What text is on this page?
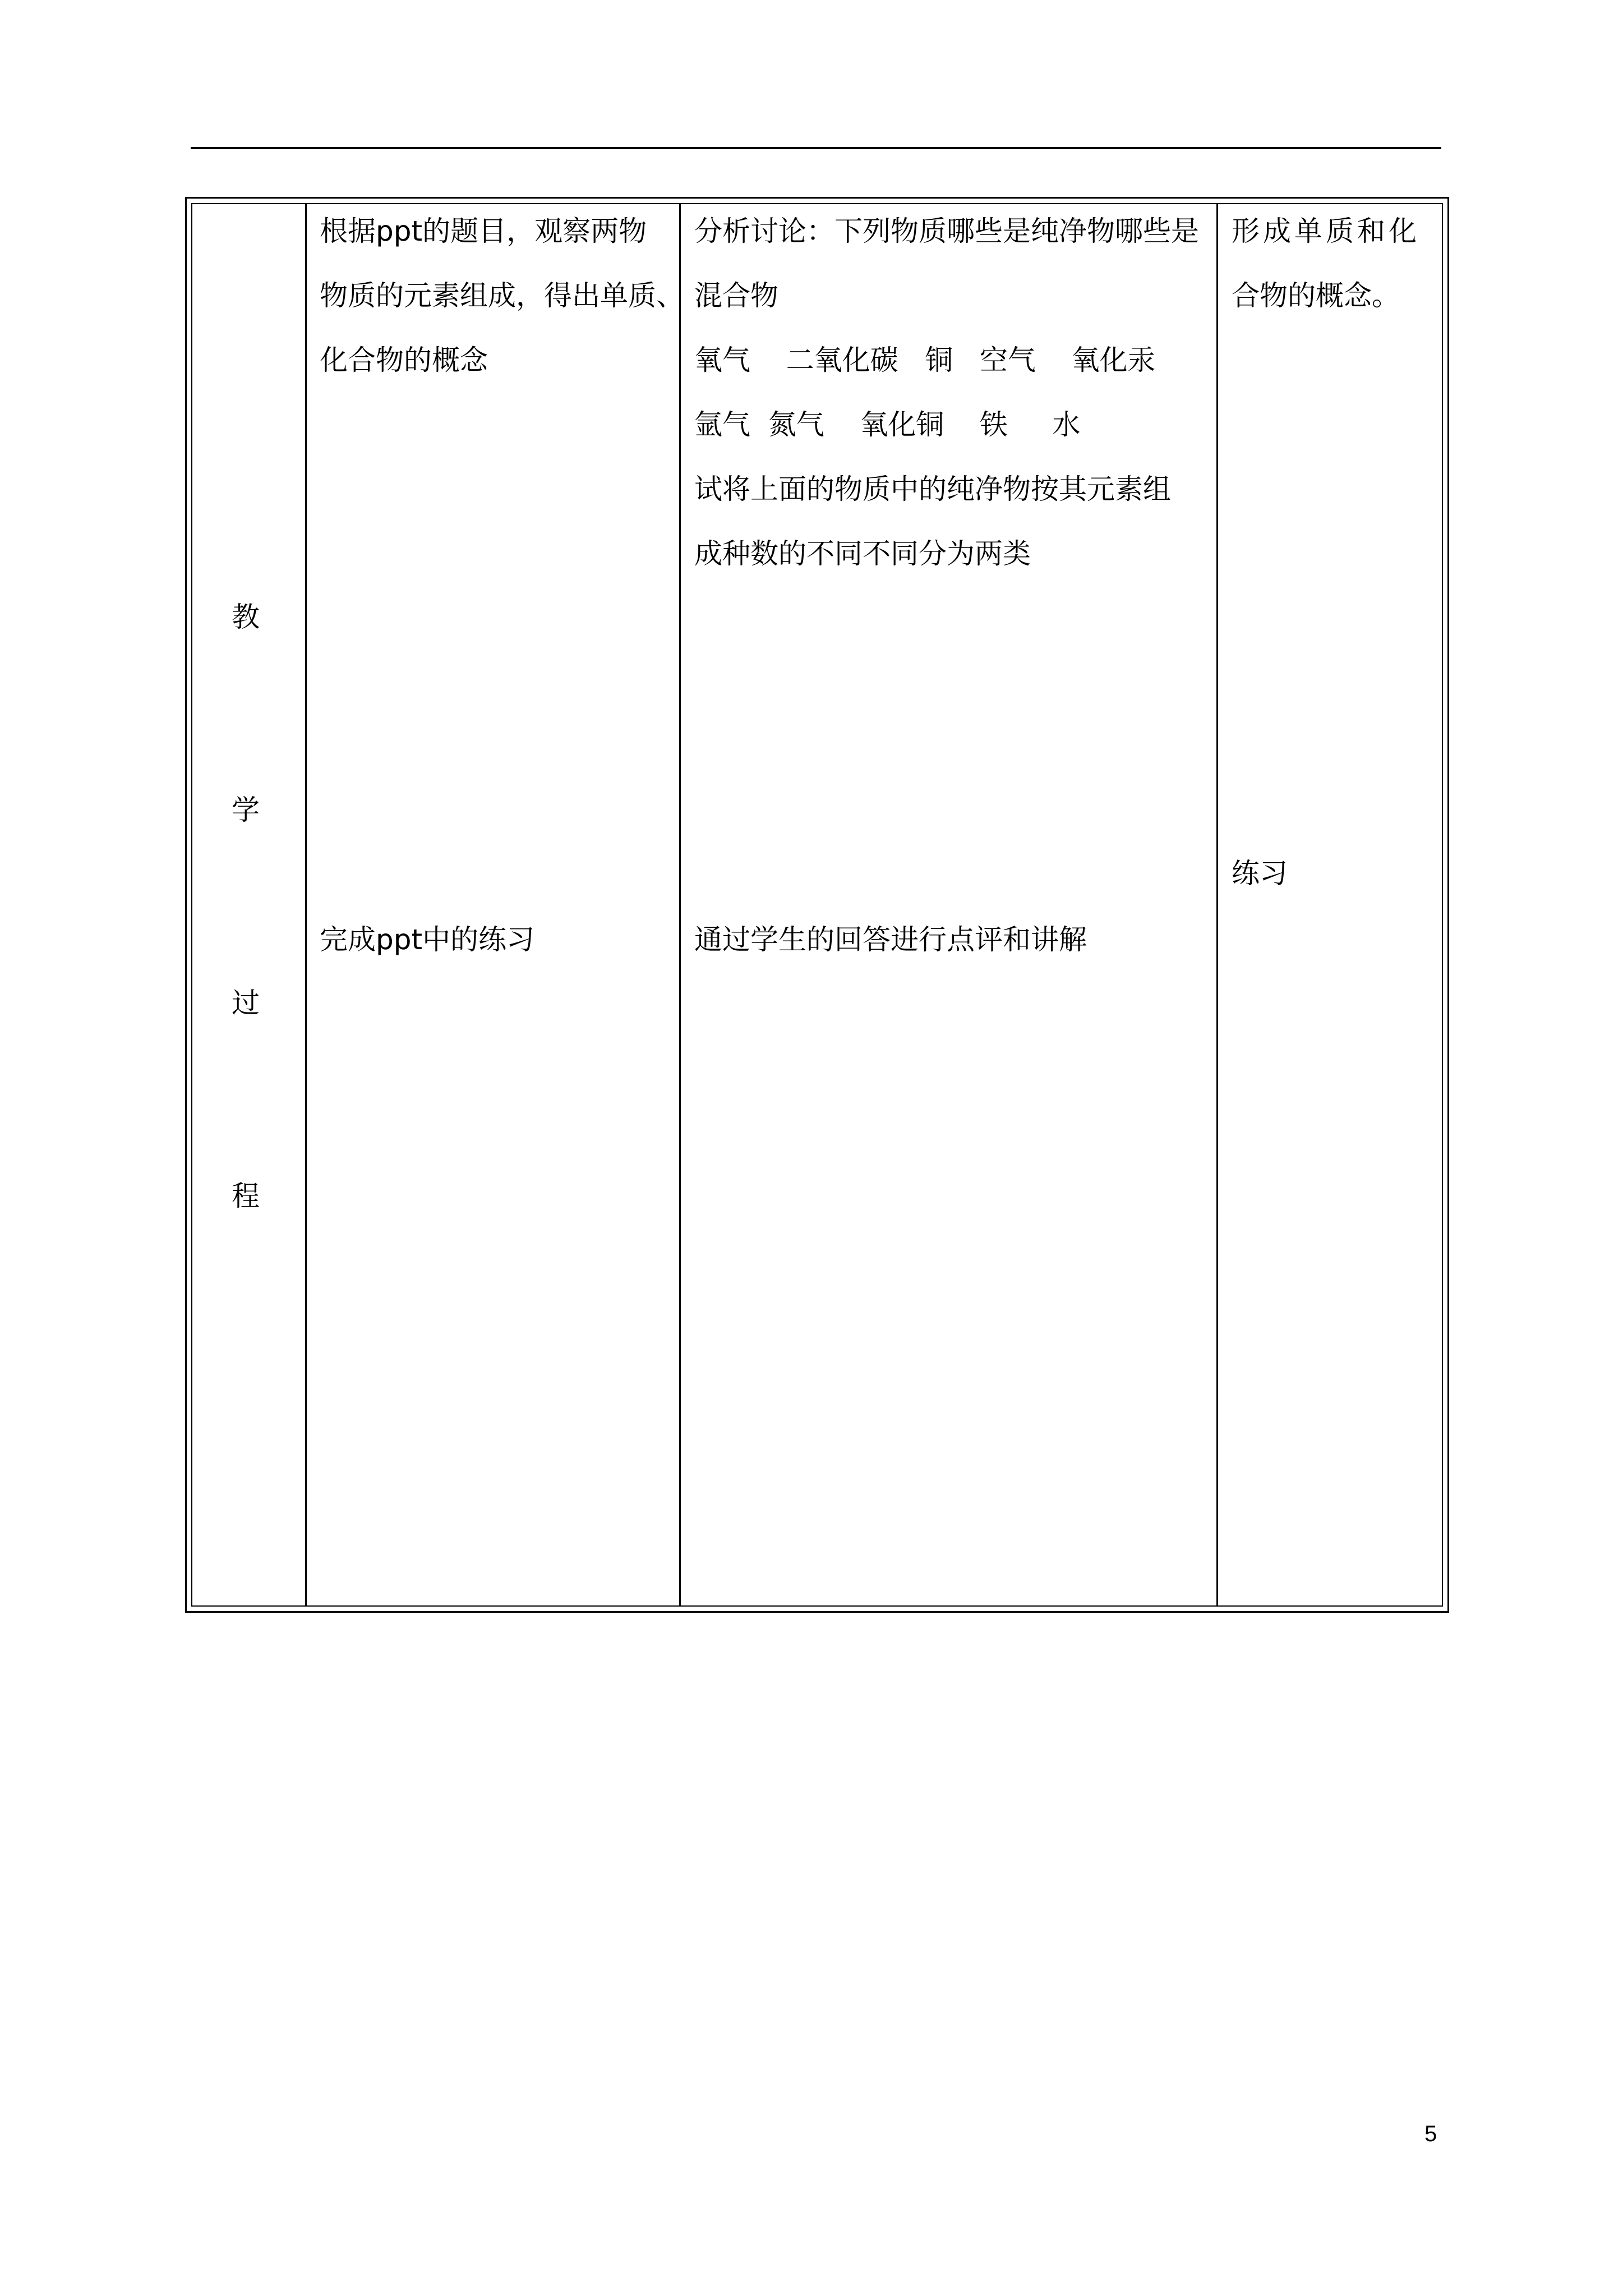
教
学
过
程
根据ppt的题目，观察两物
物质的元素组成，得出单质、
化合物的概念
完成ppt中的练习
分析讨论：下列物质哪些是纯净物哪些是
混合物
氧气    二氧化碳   铜   空气    氧化汞
氩气  氮气    氧化铜    铁     水
试将上面的物质中的纯净物按其元素组
成种数的不同不同分为两类
通过学生的回答进行点评和讲解
形成单质和化
合物的概念。
练习
5
